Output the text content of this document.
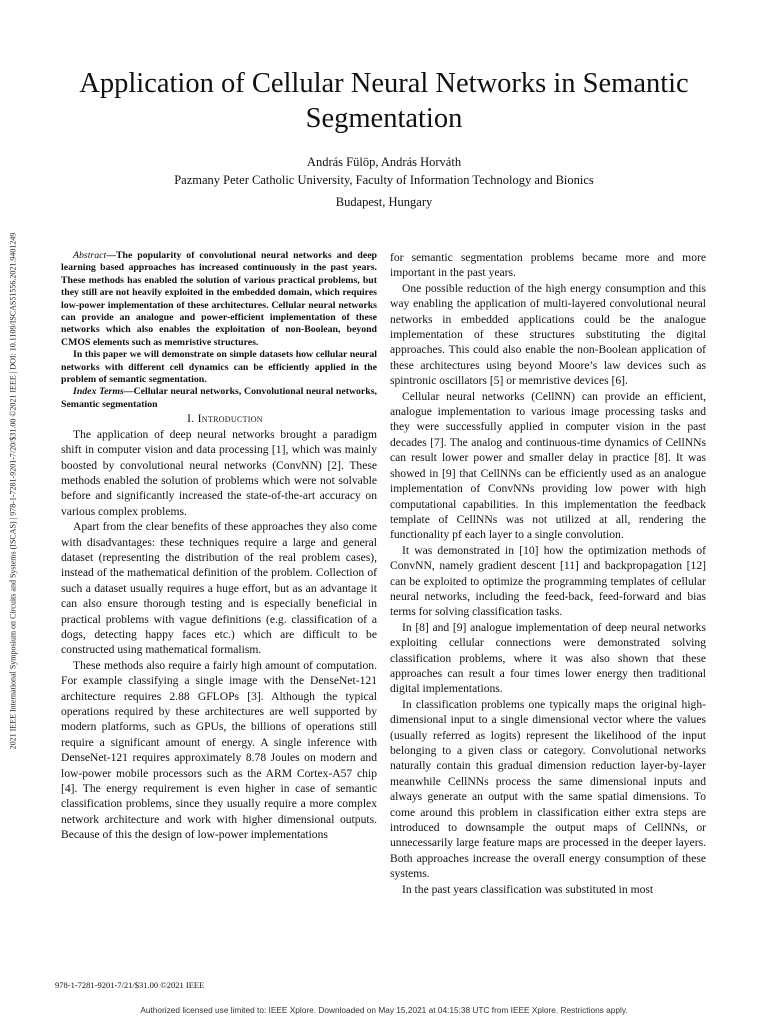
2021 IEEE International Symposium on Circuits and Systems (ISCAS) | 978-1-7281-9201-7/20/$31.00 ©2021 IEEE | DOI: 10.1109/ISCAS51556.2021.9401249
Application of Cellular Neural Networks in Semantic Segmentation
András Fülöp, András Horváth
Pazmany Peter Catholic University, Faculty of Information Technology and Bionics
Budapest, Hungary

Abstract—The popularity of convolutional neural networks and deep learning based approaches has increased continuously in the past years. These methods has enabled the solution of various practical problems, but they still are not heavily exploited in the embedded domain, which requires low-power implementation of these architectures. Cellular neural networks can provide an analogue and power-efficient implementation of these networks which also enables the exploitation of non-Boolean, beyond CMOS elements such as memristive structures.

In this paper we will demonstrate on simple datasets how cellular neural networks with different cell dynamics can be efficiently applied in the problem of semantic segmentation.

Index Terms—Cellular neural networks, Convolutional neural networks, Semantic segmentation

I. Introduction

The application of deep neural networks brought a paradigm shift in computer vision and data processing [1], which was mainly boosted by convolutional neural networks (ConvNN) [2]. These methods enabled the solution of problems which were not solvable before and significantly increased the state-of-the-art accuracy on various complex problems.

Apart from the clear benefits of these approaches they also come with disadvantages: these techniques require a large and general dataset (representing the distribution of the real problem cases), instead of the mathematical definition of the problem. Collection of such a dataset usually requires a huge effort, but as an advantage it can also ensure thorough testing and is especially beneficial in practical problems with vague definitions (e.g. classification of a dogs, detecting happy faces etc.) which are difficult to be constructed using mathematical formalism.

These methods also require a fairly high amount of computation. For example classifying a single image with the DenseNet-121 architecture requires 2.88 GFLOPs [3]. Although the typical operations required by these architectures are well supported by modern platforms, such as GPUs, the billions of operations still require a significant amount of energy. A single inference with DenseNet-121 requires approximately 8.78 Joules on modern and low-power mobile processors such as the ARM Cortex-A57 chip [4]. The energy requirement is even higher in case of semantic classification problems, since they usually require a more complex network architecture and work with higher dimensional outputs. Because of this the design of low-power implementations

for semantic segmentation problems became more and more important in the past years.

One possible reduction of the high energy consumption and this way enabling the application of multi-layered convolutional neural networks in embedded applications could be the analogue implementation of these structures substituting the digital approaches. This could also enable the non-Boolean application of these architectures using beyond Moore’s law devices such as spintronic oscillators [5] or memristive devices [6].

Cellular neural networks (CellNN) can provide an efficient, analogue implementation to various image processing tasks and they were successfully applied in computer vision in the past decades [7]. The analog and continuous-time dynamics of CellNNs can result lower power and smaller delay in practice [8]. It was showed in [9] that CellNNs can be efficiently used as an analogue implementation of ConvNNs providing low power with high computational capabilities. In this implementation the feedback template of CellNNs was not utilized at all, rendering the functionality pf each layer to a single convolution.

It was demonstrated in [10] how the optimization methods of ConvNN, namely gradient descent [11] and backpropagation [12] can be exploited to optimize the programming templates of cellular neural networks, including the feed-back, feed-forward and bias terms for solving classification tasks.

In [8] and [9] analogue implementation of deep neural networks exploiting cellular connections were demonstrated solving classification problems, where it was also shown that these approaches can result a four times lower energy then traditional digital implementations.

In classification problems one typically maps the original high-dimensional input to a single dimensional vector where the values (usually referred as logits) represent the likelihood of the input belonging to a given class or category. Convolutional networks naturally contain this gradual dimension reduction layer-by-layer meanwhile CellNNs process the same dimensional inputs and always generate an output with the same spatial dimensions. To come around this problem in classification either extra steps are introduced to downsample the output maps of CellNNs, or unnecessarily large feature maps are processed in the deeper layers. Both approaches increase the overall energy consumption of these systems.

In the past years classification was substituted in most

978-1-7281-9201-7/21/$31.00 ©2021 IEEE
Authorized licensed use limited to: IEEE Xplore. Downloaded on May 15,2021 at 04:15:38 UTC from IEEE Xplore. Restrictions apply.
